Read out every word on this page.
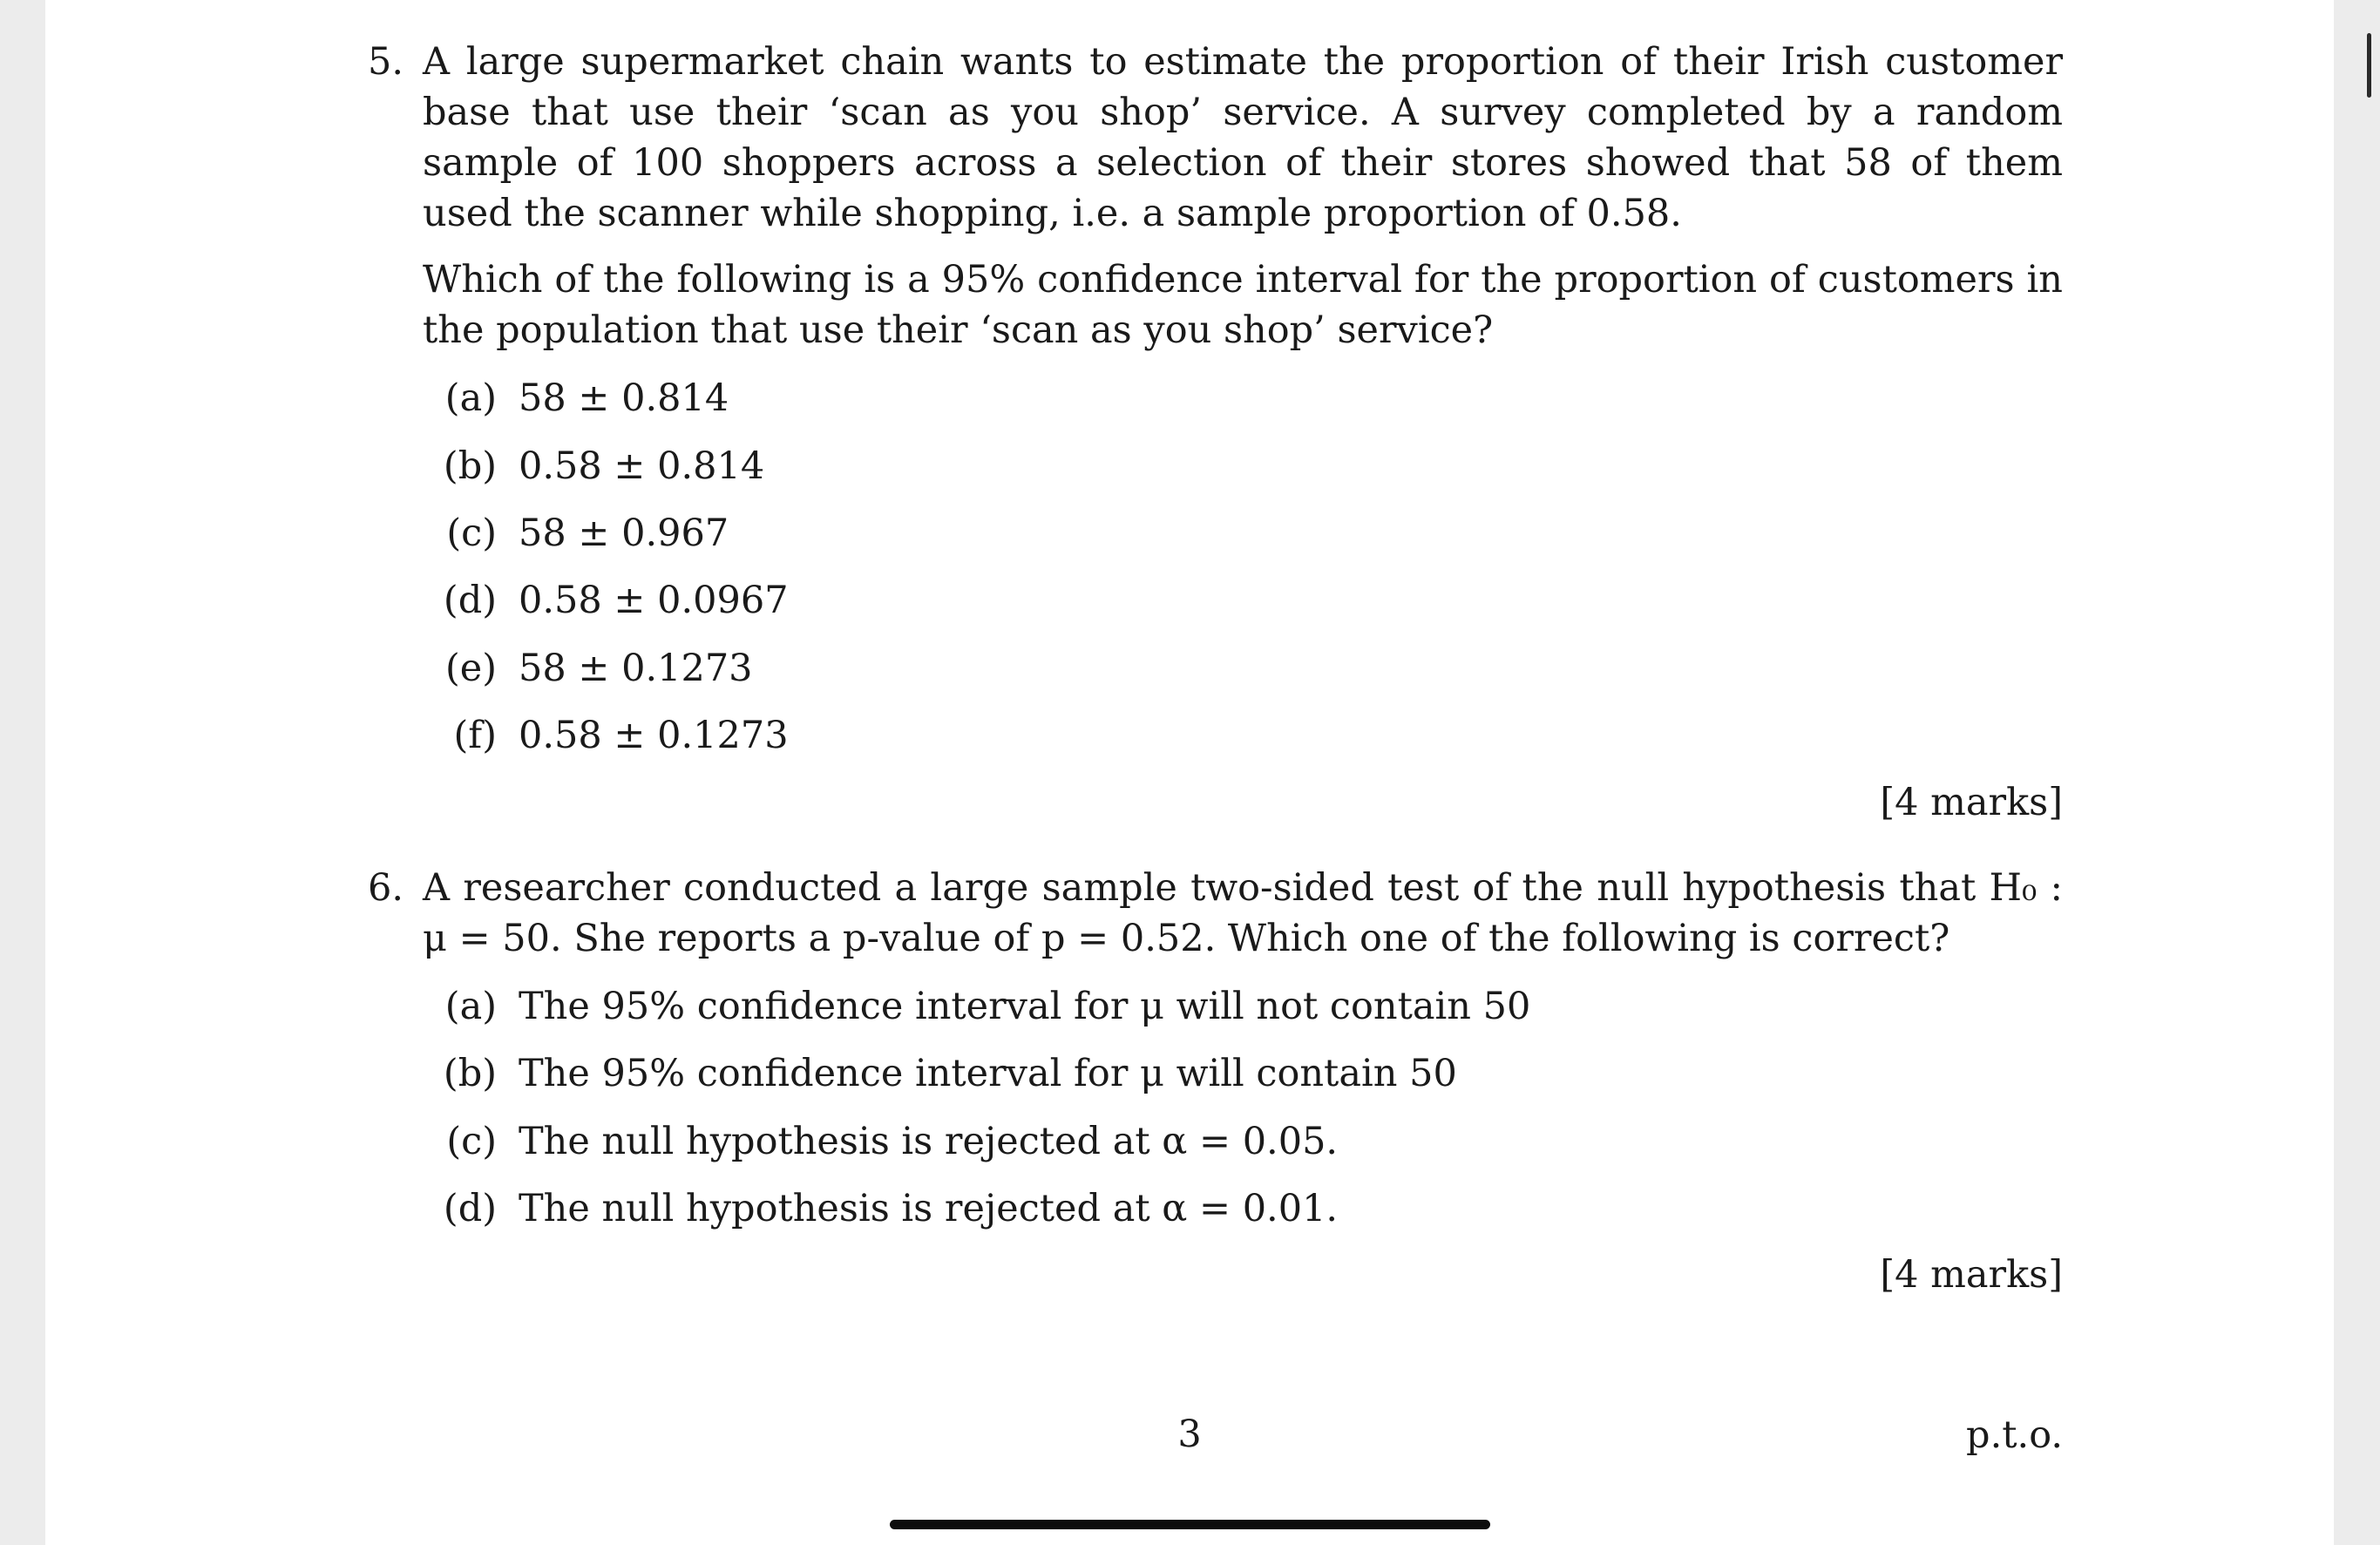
5. A large supermarket chain wants to estimate the proportion of their Irish customer base that use their ‘scan as you shop’ service. A survey completed by a random sample of 100 shoppers across a selection of their stores showed that 58 of them used the scanner while shopping, i.e. a sample proportion of 0.58.
Which of the following is a 95% confidence interval for the proportion of customers in the population that use their ‘scan as you shop’ service?
(a) 58 ± 0.814
(b) 0.58 ± 0.814
(c) 58 ± 0.967
(d) 0.58 ± 0.0967
(e) 58 ± 0.1273
(f) 0.58 ± 0.1273
[4 marks]
6. A researcher conducted a large sample two-sided test of the null hypothesis that H₀ : μ = 50. She reports a p-value of p = 0.52. Which one of the following is correct?
(a) The 95% confidence interval for μ will not contain 50
(b) The 95% confidence interval for μ will contain 50
(c) The null hypothesis is rejected at α = 0.05.
(d) The null hypothesis is rejected at α = 0.01.
[4 marks]
3	p.t.o.
